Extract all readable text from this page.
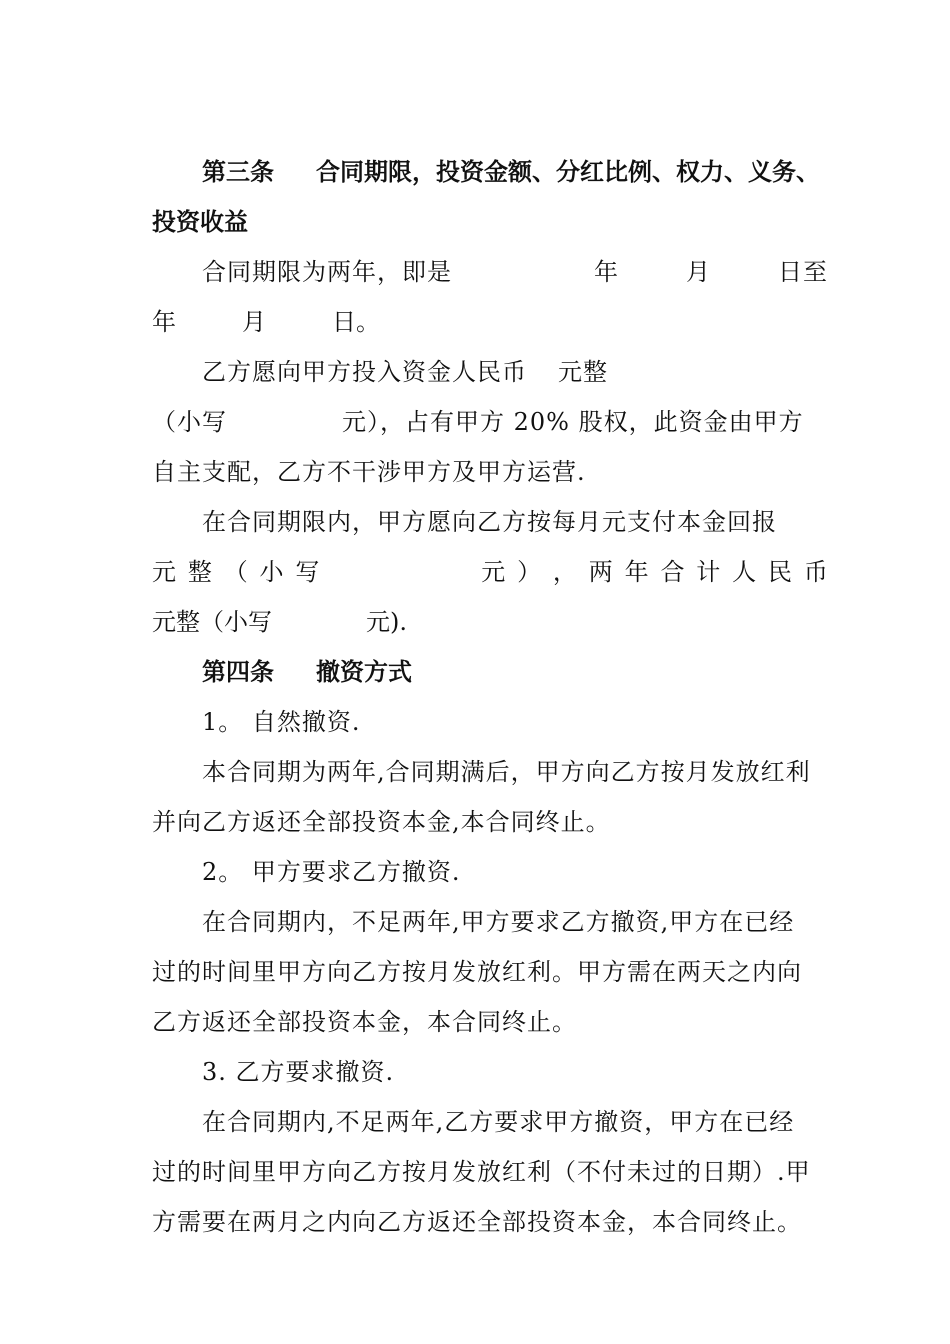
第三条 合同期限，投资金额、分红比例、权力、义务、
投资收益
合同期限为两年，即是	年	月	日至
年	月	日。
乙方愿向甲方投入资金人民币 元整
（小写	元），占有甲方 20% 股权，此资金由甲方
自主支配，乙方不干涉甲方及甲方运营.
在合同期限内，甲方愿向乙方按每月元支付本金回报
元 整 （ 小 写	元 ） ， 两 年 合 计 人 民 币
元整（小写	元).
第四条 撤资方式
1。 自然撤资.
本合同期为两年,合同期满后，甲方向乙方按月发放红利
并向乙方返还全部投资本金,本合同终止。
2。 甲方要求乙方撤资.
在合同期内，不足两年,甲方要求乙方撤资,甲方在已经
过的时间里甲方向乙方按月发放红利。甲方需在两天之内向
乙方返还全部投资本金，本合同终止。
3. 乙方要求撤资.
在合同期内,不足两年,乙方要求甲方撤资，甲方在已经
过的时间里甲方向乙方按月发放红利（不付未过的日期）.甲
方需要在两月之内向乙方返还全部投资本金，本合同终止。
